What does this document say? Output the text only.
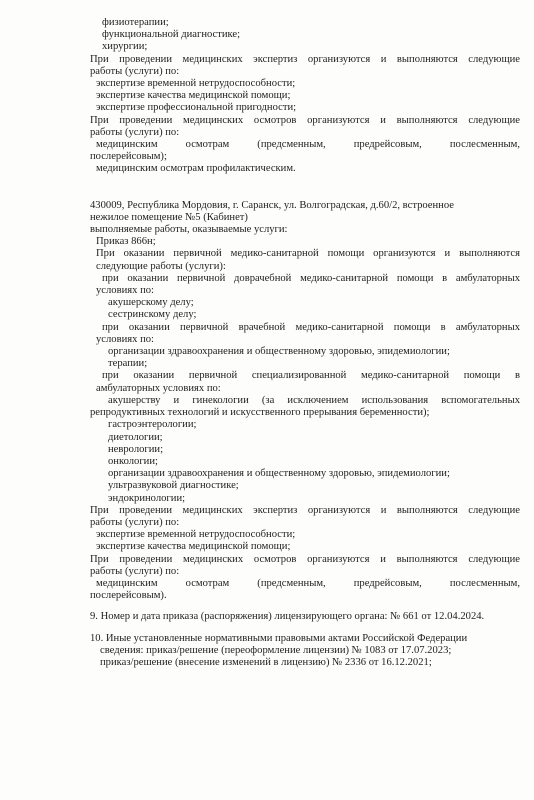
физиотерапии;
функциональной диагностике;
хирургии;
При проведении медицинских экспертиз организуются и выполняются следующие
работы (услуги) по:
экспертизе временной нетрудоспособности;
экспертизе качества медицинской помощи;
экспертизе профессиональной пригодности;
При проведении медицинских осмотров организуются и выполняются следующие
работы (услуги) по:
медицинским осмотрам (предсменным, предрейсовым, послесменным,
послерейсовым);
медицинским осмотрам профилактическим.
430009, Республика Мордовия, г. Саранск, ул. Волгоградская, д.60/2, встроенное
нежилое помещение №5 (Кабинет)
выполняемые работы, оказываемые услуги:
Приказ 866н;
При оказании первичной медико-санитарной помощи организуются и выполняются
следующие работы (услуги):
при оказании первичной доврачебной медико-санитарной помощи в амбулаторных
условиях по:
акушерскому делу;
сестринскому делу;
при оказании первичной врачебной медико-санитарной помощи в амбулаторных
условиях по:
организации здравоохранения и общественному здоровью, эпидемиологии;
терапии;
при оказании первичной специализированной медико-санитарной помощи в
амбулаторных условиях по:
акушерству и гинекологии (за исключением использования вспомогательных
репродуктивных технологий и искусственного прерывания беременности);
гастроэнтерологии;
диетологии;
неврологии;
онкологии;
организации здравоохранения и общественному здоровью, эпидемиологии;
ультразвуковой диагностике;
эндокринологии;
При проведении медицинских экспертиз организуются и выполняются следующие
работы (услуги) по:
экспертизе временной нетрудоспособности;
экспертизе качества медицинской помощи;
При проведении медицинских осмотров организуются и выполняются следующие
работы (услуги) по:
медицинским осмотрам (предсменным, предрейсовым, послесменным,
послерейсовым).
9. Номер и дата приказа (распоряжения) лицензирующего органа: № 661 от 12.04.2024.
10. Иные установленные нормативными правовыми актами Российской Федерации
сведения: приказ/решение (переоформление лицензии) № 1083 от 17.07.2023;
приказ/решение (внесение изменений в лицензию) № 2336 от 16.12.2021;
